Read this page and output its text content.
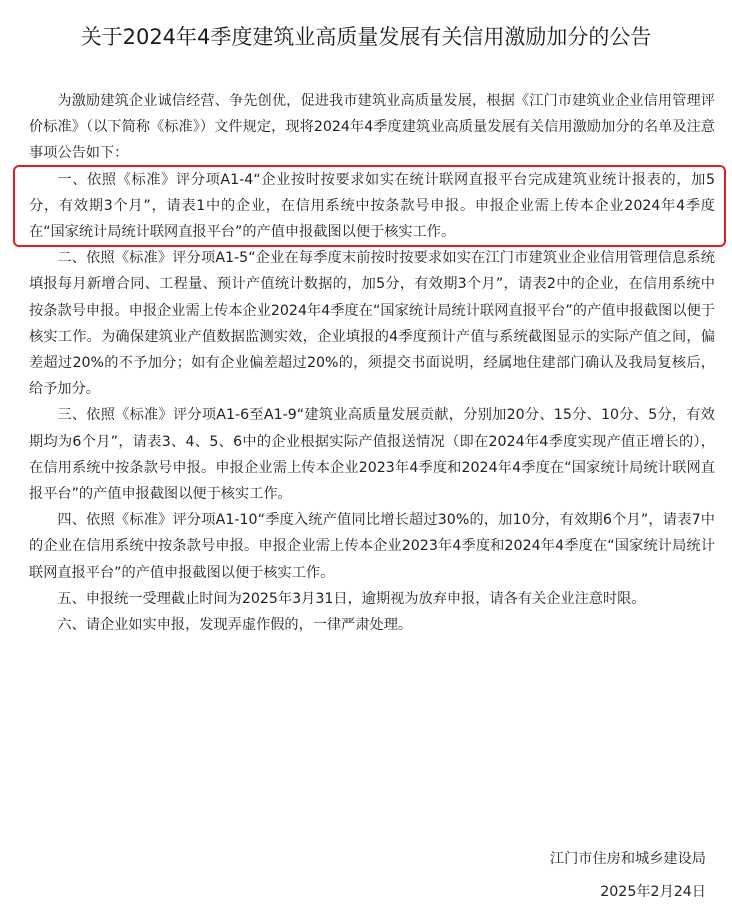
关于2024年4季度建筑业高质量发展有关信用激励加分的公告

为激励建筑企业诚信经营、争先创优，促进我市建筑业高质量发展，根据《江门市建筑业企业信用管理评价标准》（以下简称《标准》）文件规定，现将2024年4季度建筑业高质量发展有关信用激励加分的名单及注意事项公告如下：

一、依照《标准》评分项A1-4“企业按时按要求如实在统计联网直报平台完成建筑业统计报表的，加5分，有效期3个月”，请表1中的企业，在信用系统中按条款号申报。申报企业需上传本企业2024年4季度在“国家统计局统计联网直报平台”的产值申报截图以便于核实工作。

二、依照《标准》评分项A1-5“企业在每季度末前按时按要求如实在江门市建筑业企业信用管理信息系统填报每月新增合同、工程量、预计产值统计数据的，加5分，有效期3个月”，请表2中的企业，在信用系统中按条款号申报。申报企业需上传本企业2024年4季度在“国家统计局统计联网直报平台”的产值申报截图以便于核实工作。为确保建筑业产值数据监测实效，企业填报的4季度预计产值与系统截图显示的实际产值之间，偏差超过20%的不予加分；如有企业偏差超过20%的，须提交书面说明，经属地住建部门确认及我局复核后，给予加分。

三、依照《标准》评分项A1-6至A1-9“建筑业高质量发展贡献，分别加20分、15分、10分、5分，有效期均为6个月”，请表3、4、5、6中的企业根据实际产值报送情况（即在2024年4季度实现产值正增长的），在信用系统中按条款号申报。申报企业需上传本企业2023年4季度和2024年4季度在“国家统计局统计联网直报平台”的产值申报截图以便于核实工作。

四、依照《标准》评分项A1-10“季度入统产值同比增长超过30%的，加10分，有效期6个月”，请表7中的企业在信用系统中按条款号申报。申报企业需上传本企业2023年4季度和2024年4季度在“国家统计局统计联网直报平台”的产值申报截图以便于核实工作。

五、申报统一受理截止时间为2025年3月31日，逾期视为放弃申报，请各有关企业注意时限。

六、请企业如实申报，发现弄虚作假的，一律严肃处理。

江门市住房和城乡建设局
2025年2月24日
